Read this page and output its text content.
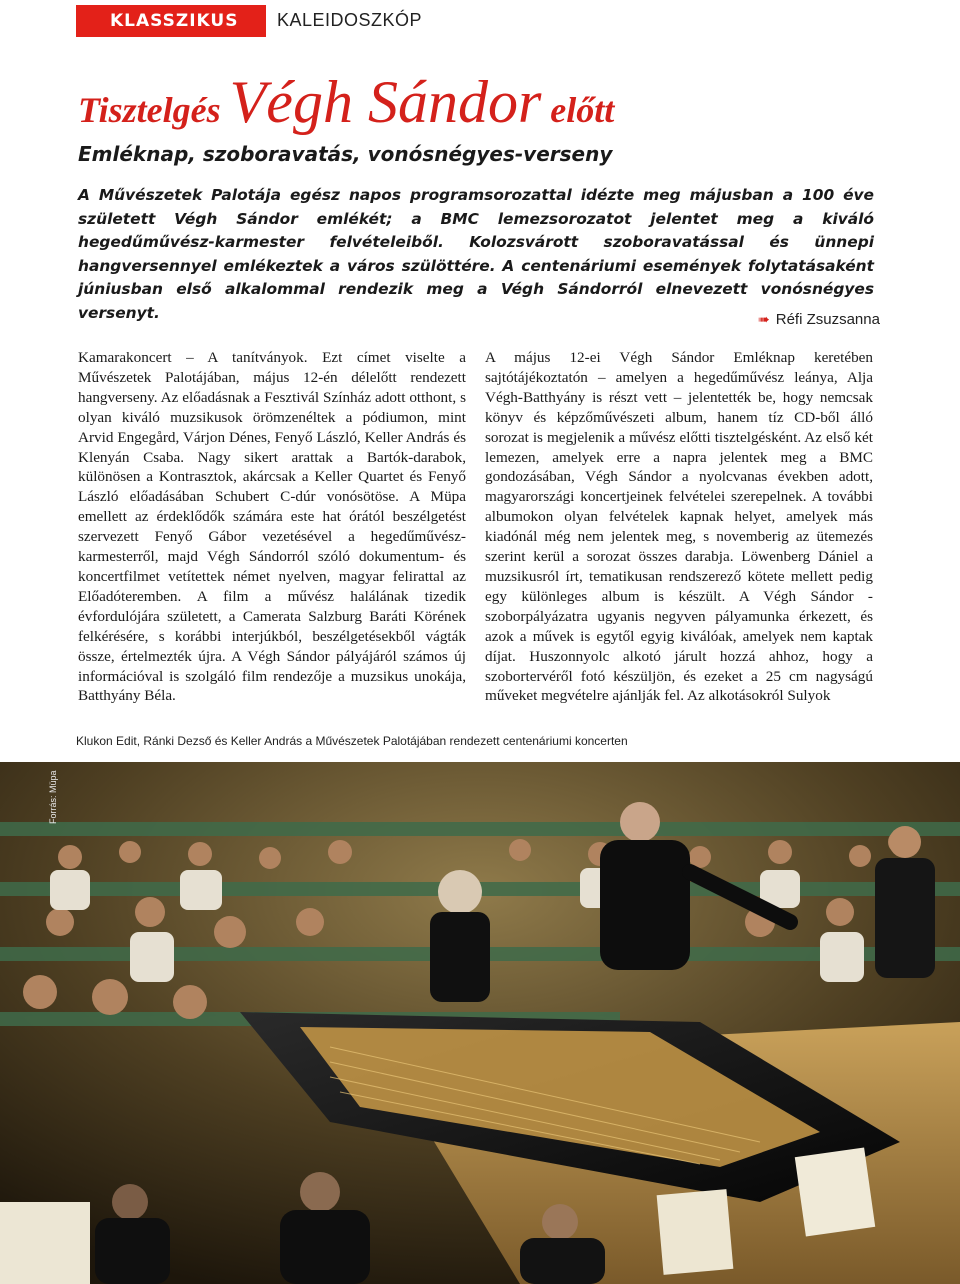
KLASSZIKUS KALEIDOSZKÓP
Tisztelgés Végh Sándor előtt
Emléknap, szoboravatás, vonósnégyes-verseny

A Művészetek Palotája egész napos programsorozattal idézte meg májusban a 100 éve született Végh Sándor emlékét; a BMC lemezsorozatot jelentet meg a kiváló hegedűművész-karmester felvételeiből. Kolozsvárott szoboravatással és ünnepi hangversennyel emlékeztek a város szülöttére. A centenáriumi események folytatásaként júniusban első alkalommal rendezik meg a Végh Sándorról elnevezett vonósnégyes versenyt.	➠ Réfi Zsuzsanna

Kamarakoncert – A tanítványok. Ezt címet viselte a Művészetek Palotájában, május 12-én délelőtt rendezett hangverseny. Az előadásnak a Fesztivál Színház adott otthont, s olyan kiváló muzsikusok örömzenéltek a pódiumon, mint Arvid Engegård, Várjon Dénes, Fenyő László, Keller András és Klenyán Csaba. Nagy sikert arattak a Bartók-darabok, különösen a Kontrasztok, akárcsak a Keller Quartet és Fenyő László előadásában Schubert C-dúr vonósötöse. A Müpa emellett az érdeklődők számára este hat órától beszélgetést szervezett Fenyő Gábor vezetésével a hegedűművész-karmesterről, majd Végh Sándorról szóló dokumentum- és koncertfilmet vetítettek német nyelven, magyar felirattal az Előadóteremben. A film a művész halálának tizedik évfordulójára született, a Camerata Salzburg Baráti Körének felkérésére, s korábbi interjúkból, beszélgetésekből vágták össze, értelmezték újra. A Végh Sándor pályájáról számos új információval is szolgáló film rendezője a muzsikus unokája, Batthyány Béla.

A május 12-ei Végh Sándor Emléknap keretében sajtótájékoztatón – amelyen a hegedűművész leánya, Alja Végh-Batthyány is részt vett – jelentették be, hogy nemcsak könyv és képzőművészeti album, hanem tíz CD-ből álló sorozat is megjelenik a művész előtti tisztelgésként. Az első két lemezen, amelyek erre a napra jelentek meg a BMC gondozásában, Végh Sándor a nyolcvanas években adott, magyarországi koncertjeinek felvételei szerepelnek. A további albumokon olyan felvételek kapnak helyet, amelyek más kiadónál még nem jelentek meg, s novemberig az ütemezés szerint kerül a sorozat összes darabja. Löwenberg Dániel a muzsikusról írt, tematikusan rendszerező kötete mellett pedig egy különleges album is készült. A Végh Sándor -szoborpályázatra ugyanis negyven pályamunka érkezett, és azok a művek is egytől egyig kiválóak, amelyek nem kaptak díjat. Huszonnyolc alkotó járult hozzá ahhoz, hogy a szobortervéről fotó készüljön, és ezeket a 25 cm nagyságú műveket megvételre ajánlják fel. Az alkotásokról Sulyok

Klukon Edit, Ránki Dezső és Keller András a Művészetek Palotájában rendezett centenáriumi koncerten
Forrás: Müpa
